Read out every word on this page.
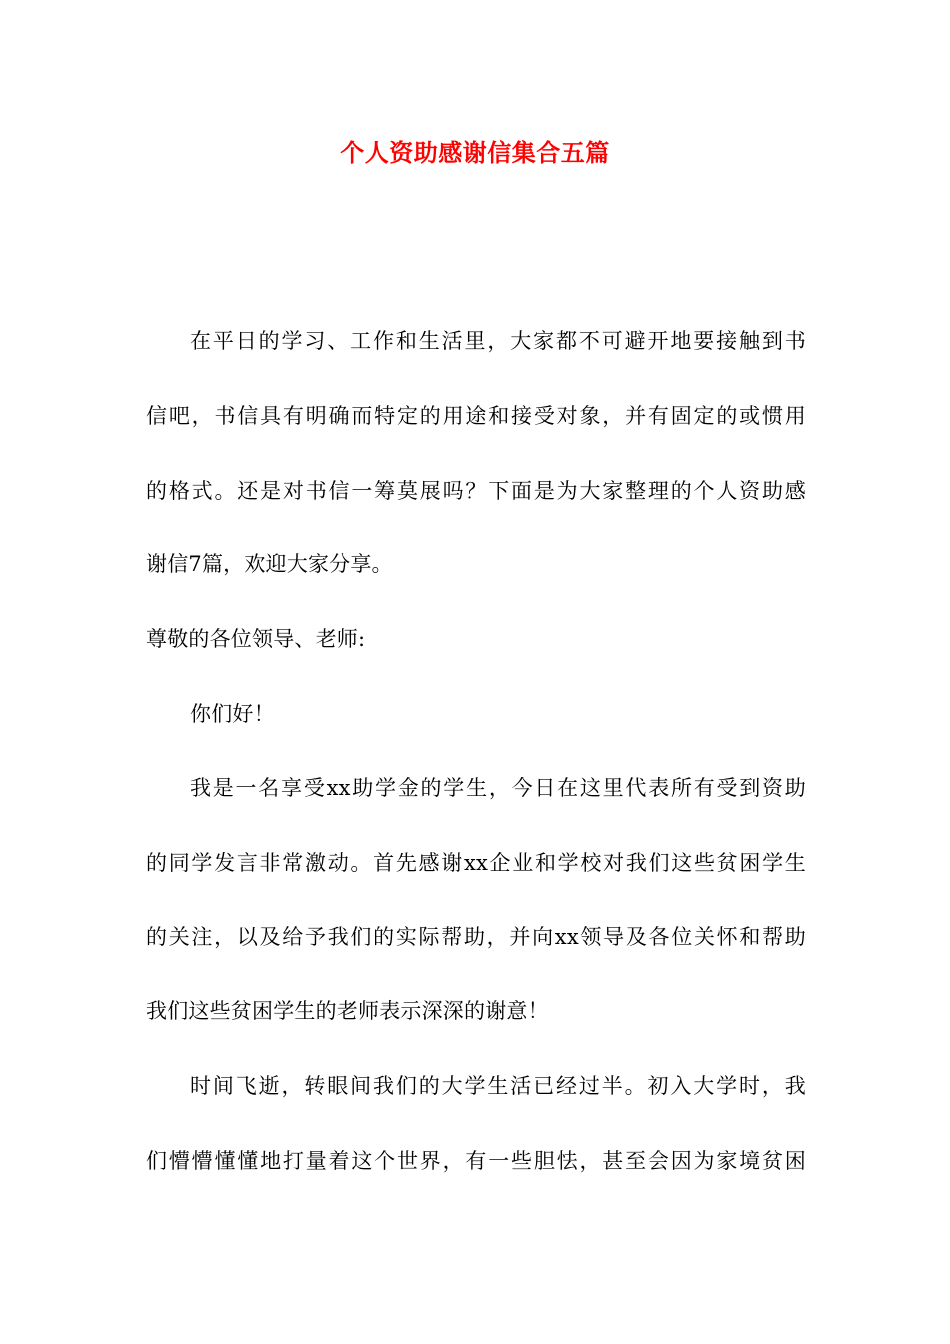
个人资助感谢信集合五篇
在平日的学习、工作和生活里，大家都不可避开地要接触到书
信吧，书信具有明确而特定的用途和接受对象，并有固定的或惯用
的格式。还是对书信一筹莫展吗？下面是为大家整理的个人资助感
谢信7篇，欢迎大家分享。
尊敬的各位领导、老师:
你们好！
我是一名享受xx助学金的学生，今日在这里代表所有受到资助
的同学发言非常激动。首先感谢xx企业和学校对我们这些贫困学生
的关注，以及给予我们的实际帮助，并向xx领导及各位关怀和帮助
我们这些贫困学生的老师表示深深的谢意！
时间飞逝，转眼间我们的大学生活已经过半。初入大学时，我
们懵懵懂懂地打量着这个世界，有一些胆怯，甚至会因为家境贫困
